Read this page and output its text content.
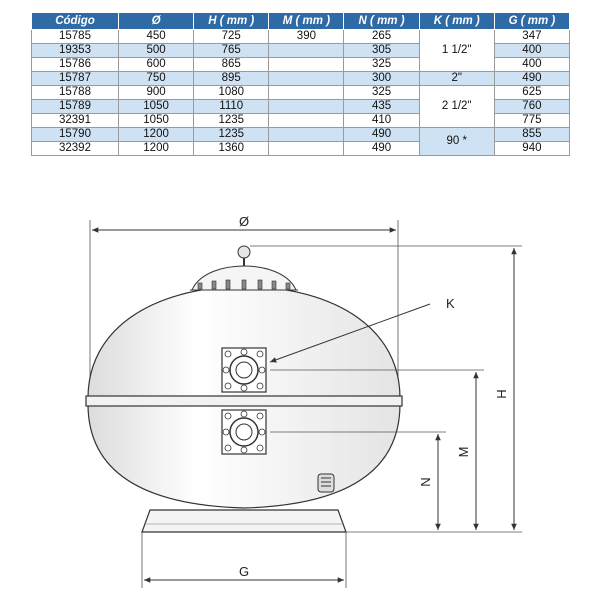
Código	Ø	H ( mm )	M ( mm )	N ( mm )	K ( mm )	G ( mm )
15785	450	725	390	265	1 1/2"	347
19353	500	765		305		400
15786	600	865		325		400
15787	750	895		300	2"	490
15788	900	1080		325	2 1/2"	625
15789	1050	1110		435		760
32391	1050	1235		410		775
15790	1200	1235		490	90 *	855
32392	1200	1360		490		940
Ø
K
H
M
N
G
